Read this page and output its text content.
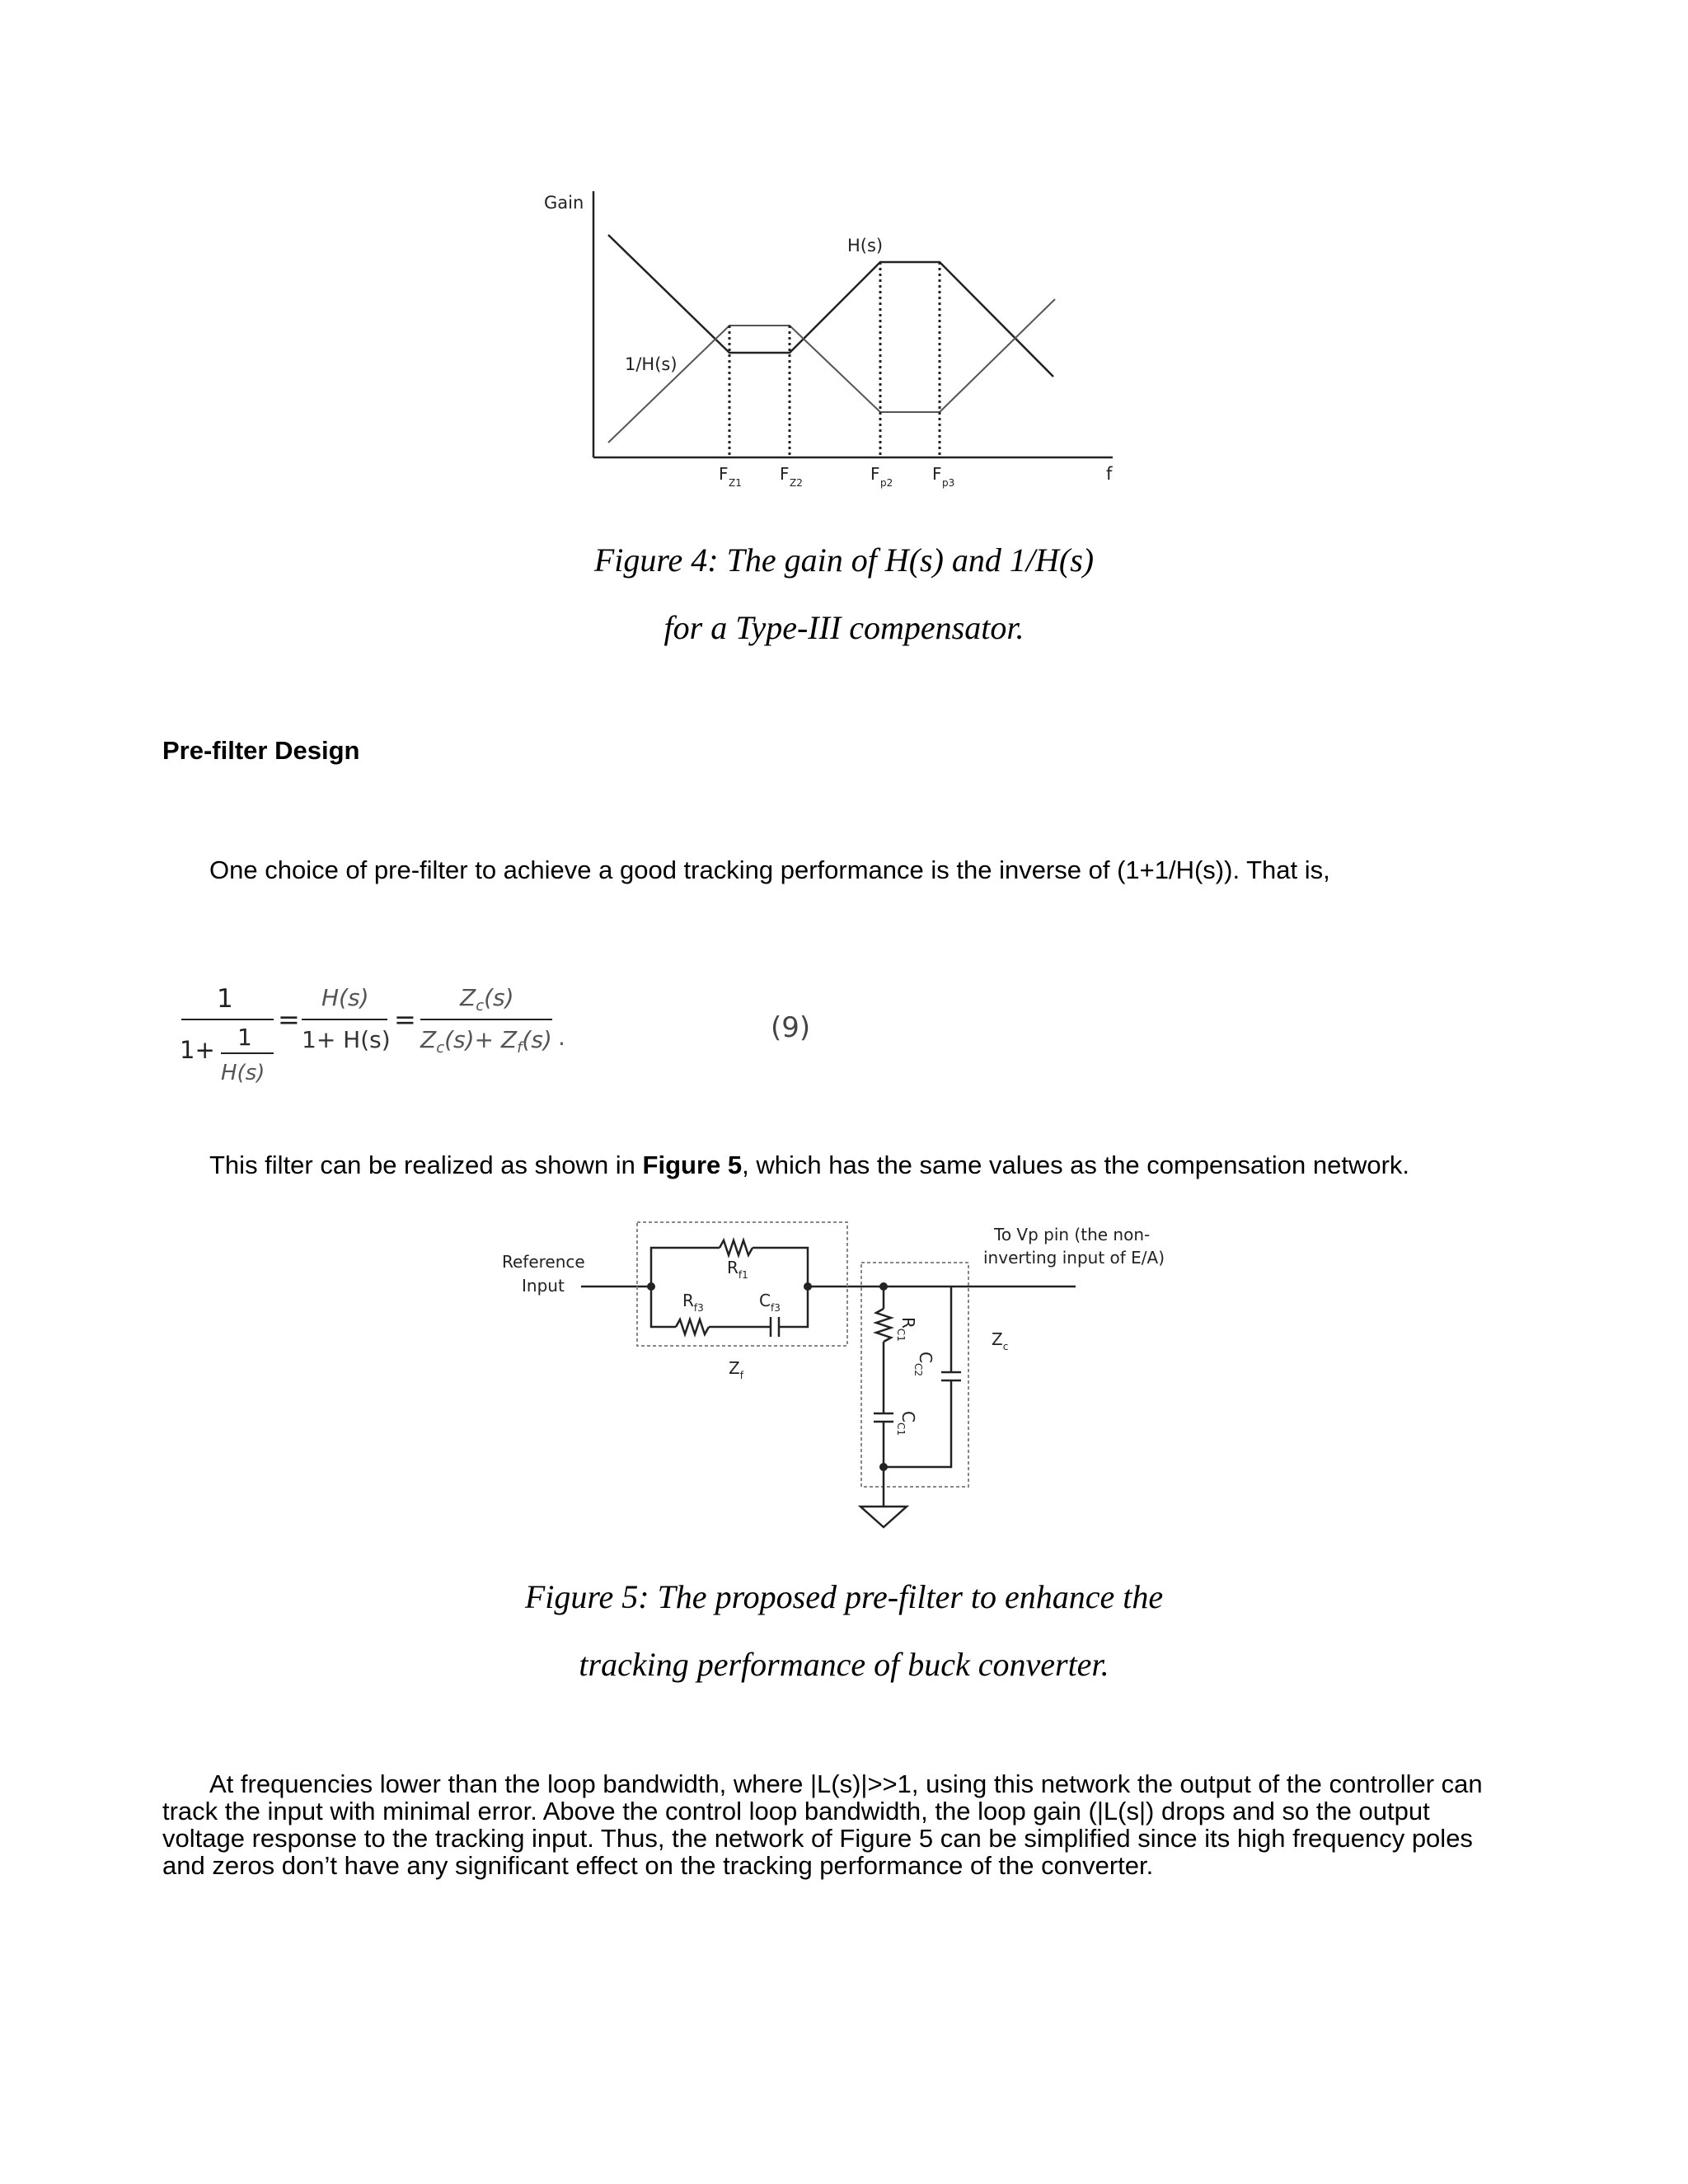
Gain
H(s)
1/H(s)
F Z1 F Z2	F p2 F p3	f
Figure 4: The gain of H(s) and 1/H(s)
for a Type-III compensator.
Pre-filter Design
One choice of pre-filter to achieve a good tracking performance is the inverse of (1+1/H(s)). That is,
1
1+ 1
H(s)
=
H(s)
1+ H(s)
=
$Z_c(s)$
$Z_c(s)+ Z_f(s)$ .	(9)
This filter can be realized as shown in Figure 5, which has the same values as the compensation network.
Reference
Input
To Vp pin (the non-
inverting input of E/A)
$R_{f1}$
$R_{f3}$	$C_{f3}$
$Z_f$
$Z_c$
$R_{C1}$
$C_{C2}$
$C_{C1}$
Figure 5: The proposed pre-filter to enhance the
tracking performance of buck converter.
At frequencies lower than the loop bandwidth, where |L(s)|>>1, using this network the output of the controller can
track the input with minimal error. Above the control loop bandwidth, the loop gain (|L(s|) drops and so the output
voltage response to the tracking input. Thus, the network of Figure 5 can be simplified since its high frequency poles
and zeros don’t have any significant effect on the tracking performance of the converter.
